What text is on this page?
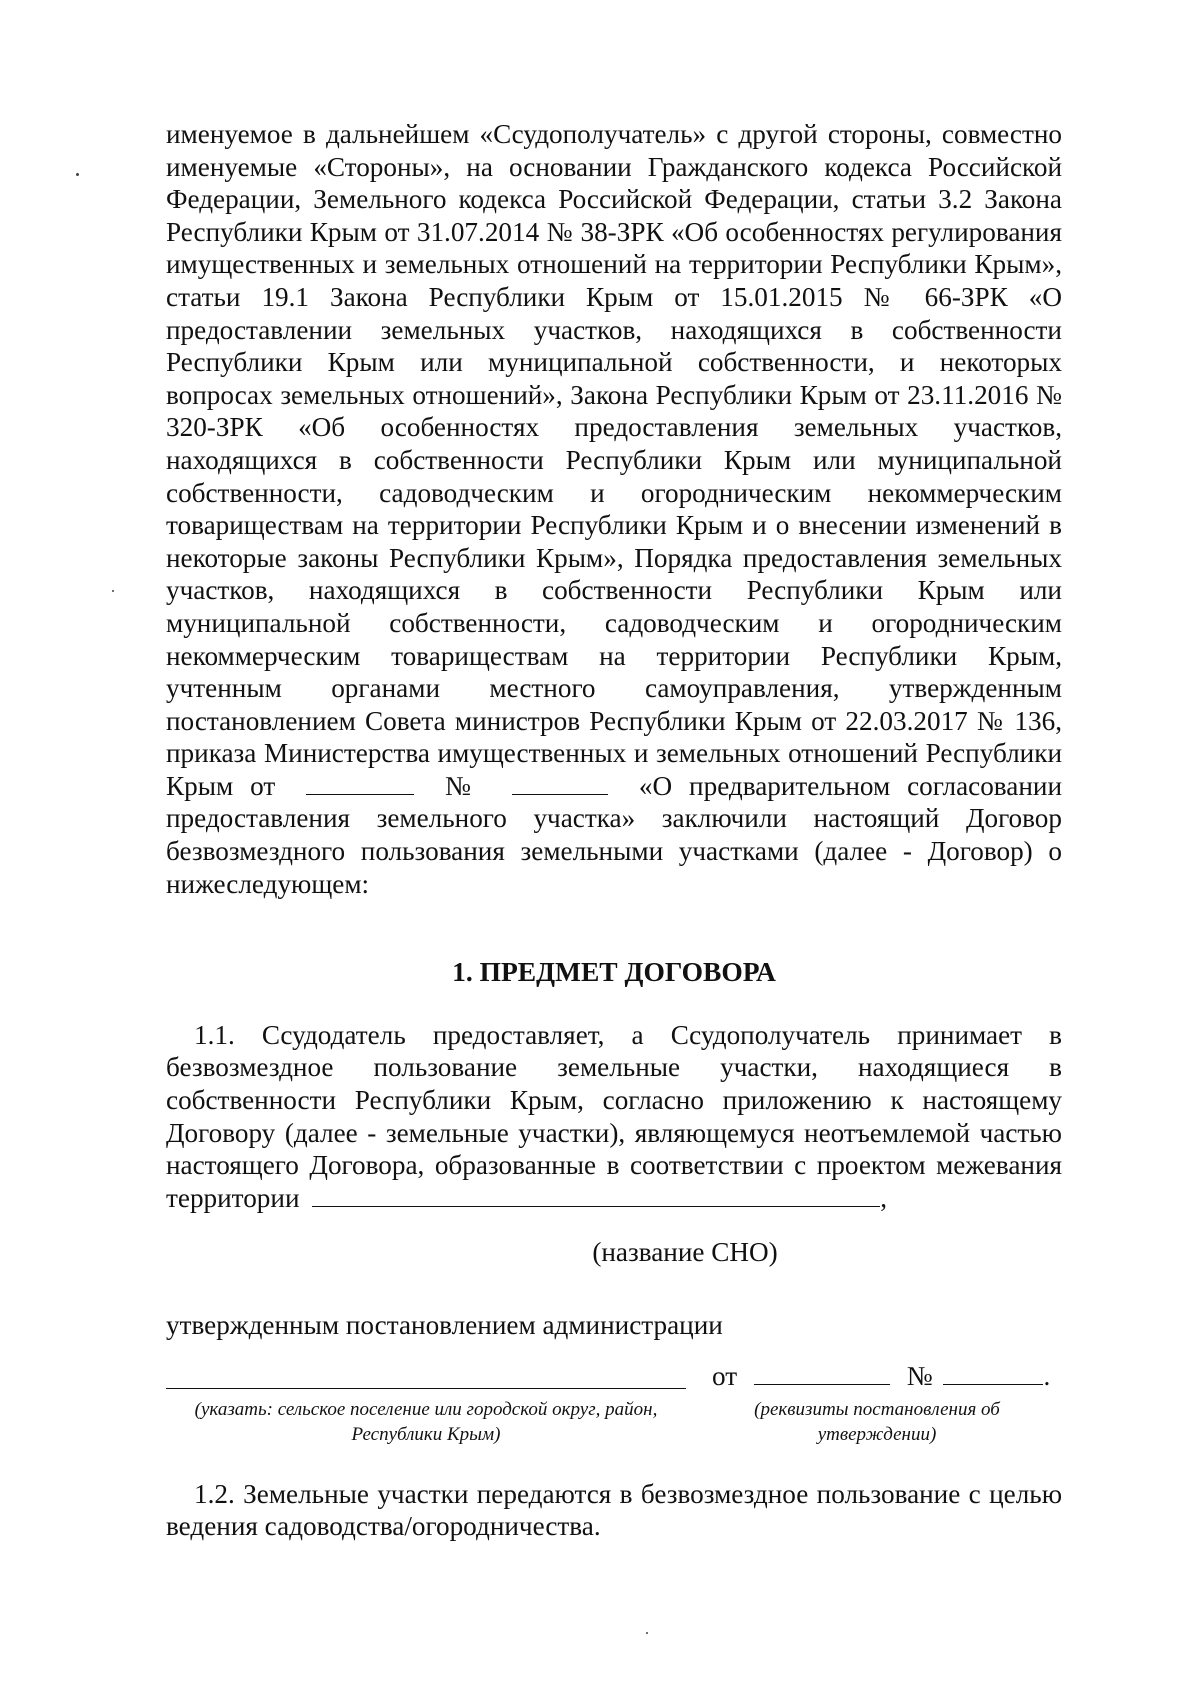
именуемое в дальнейшем «Ссудополучатель» с другой стороны, совместно именуемые «Стороны», на основании Гражданского кодекса Российской Федерации, Земельного кодекса Российской Федерации, статьи 3.2 Закона Республики Крым от 31.07.2014 № 38-ЗРК «Об особенностях регулирования имущественных и земельных отношений на территории Республики Крым», статьи 19.1 Закона Республики Крым от 15.01.2015 № 66-ЗРК «О предоставлении земельных участков, находящихся в собственности Республики Крым или муниципальной собственности, и некоторых вопросах земельных отношений», Закона Республики Крым от 23.11.2016 № 320-ЗРК «Об особенностях предоставления земельных участков, находящихся в собственности Республики Крым или муниципальной собственности, садоводческим и огородническим некоммерческим товариществам на территории Республики Крым и о внесении изменений в некоторые законы Республики Крым», Порядка предоставления земельных участков, находящихся в собственности Республики Крым или муниципальной собственности, садоводческим и огородническим некоммерческим товариществам на территории Республики Крым, учтенным органами местного самоуправления, утвержденным постановлением Совета министров Республики Крым от 22.03.2017 № 136, приказа Министерства имущественных и земельных отношений Республики Крым от	№	«О предварительном согласовании предоставления земельного участка» заключили настоящий Договор безвозмездного пользования земельными участками (далее - Договор) о нижеследующем:

1. ПРЕДМЕТ ДОГОВОРА

1.1. Ссудодатель предоставляет, а Ссудополучатель принимает в безвозмездное пользование земельные участки, находящиеся в собственности Республики Крым, согласно приложению к настоящему Договору (далее - земельные участки), являющемуся неотъемлемой частью настоящего Договора, образованные в соответствии с проектом межевания территории	,

(название СНО)

утвержденным постановлением администрации

от	№	.
(указать: сельское поселение или городской округ, район, Республики Крым)
(реквизиты постановления об утверждении)

1.2. Земельные участки передаются в безвозмездное пользование с целью ведения садоводства/огородничества.
